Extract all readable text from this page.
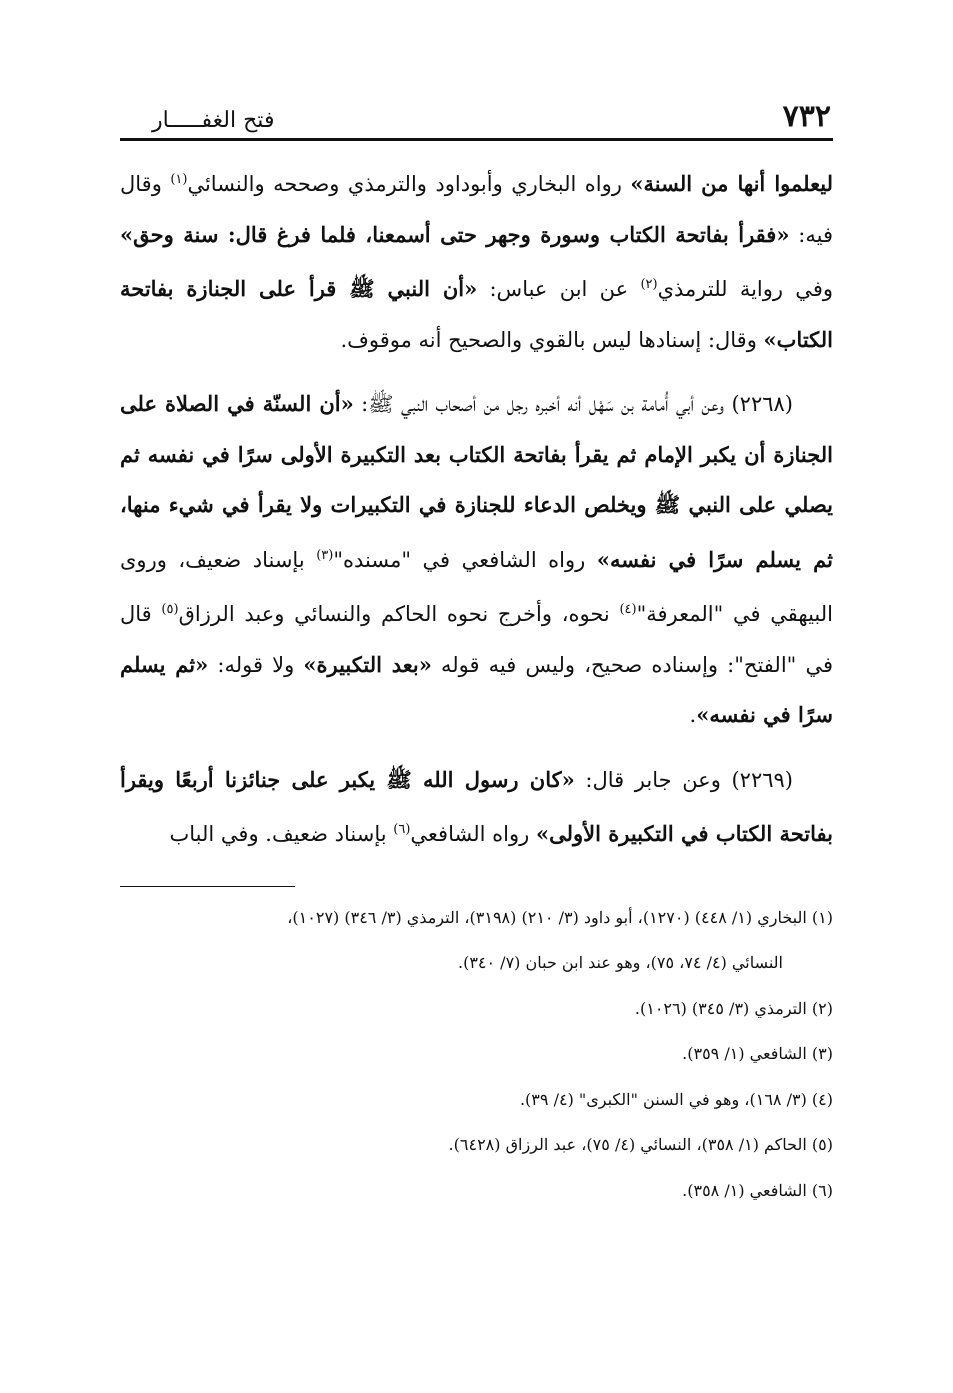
٧٣٢
فتح الغفـــــار

ليعلموا أنها من السنة» رواه البخاري وأبوداود والترمذي وصححه والنسائي$^{(١)}$ وقال فيه: «فقرأ بفاتحة الكتاب وسورة وجهر حتى أسمعنا، فلما فرغ قال: سنة وحق» وفي رواية للترمذي$^{(٢)}$ عن ابن عباس: «أن النبي ﷺ قرأ على الجنازة بفاتحة الكتاب» وقال: إسنادها ليس بالقوي والصحيح أنه موقوف.

(٢٢٦٨) وعن أبي أُمامة بن سَهْل أنه أخبره رجل من أصحاب النبي ﷺ: «أن السنّة في الصلاة على الجنازة أن يكبر الإمام ثم يقرأ بفاتحة الكتاب بعد التكبيرة الأولى سرًا في نفسه ثم يصلي على النبي ﷺ ويخلص الدعاء للجنازة في التكبيرات ولا يقرأ في شيء منها، ثم يسلم سرًا في نفسه» رواه الشافعي في "مسنده"$^{(٣)}$ بإسناد ضعيف، وروى البيهقي في "المعرفة"$^{(٤)}$ نحوه، وأخرج نحوه الحاكم والنسائي وعبد الرزاق$^{(٥)}$ قال في "الفتح": وإسناده صحيح، وليس فيه قوله «بعد التكبيرة» ولا قوله: «ثم يسلم سرًا في نفسه».

(٢٢٦٩) وعن جابر قال: «كان رسول الله ﷺ يكبر على جنائزنا أربعًا ويقرأ بفاتحة الكتاب في التكبيرة الأولى» رواه الشافعي$^{(٦)}$ بإسناد ضعيف. وفي الباب

(١) البخاري (١/ ٤٤٨) (١٢٧٠)، أبو داود (٣/ ٢١٠) (٣١٩٨)، الترمذي (٣/ ٣٤٦) (١٠٢٧)،

النسائي (٤/ ٧٤، ٧٥)، وهو عند ابن حبان (٧/ ٣٤٠).

(٢) الترمذي (٣/ ٣٤٥) (١٠٢٦).

(٣) الشافعي (١/ ٣٥٩).

(٤) (٣/ ١٦٨)، وهو في السنن "الكبرى" (٤/ ٣٩).

(٥) الحاكم (١/ ٣٥٨)، النسائي (٤/ ٧٥)، عبد الرزاق (٦٤٢٨).

(٦) الشافعي (١/ ٣٥٨).
